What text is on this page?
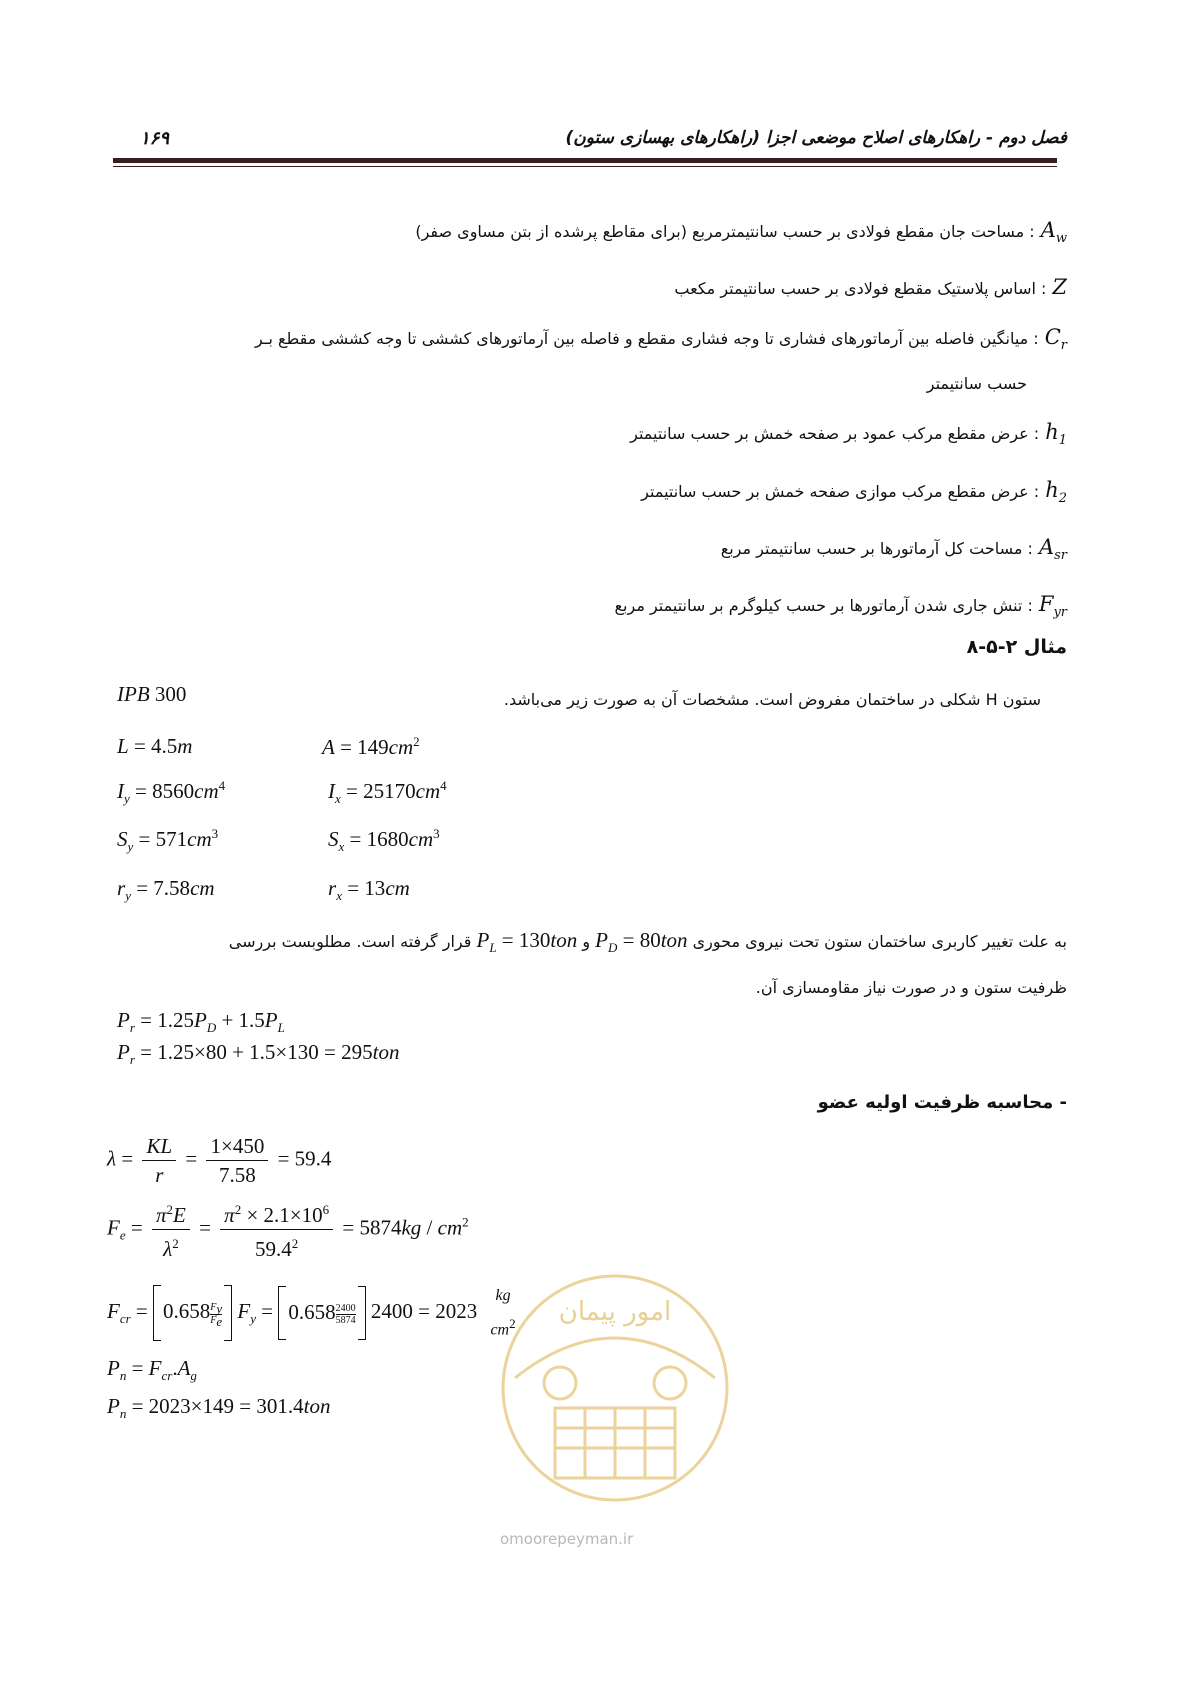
فصل دوم - راهکارهای اصلاح موضعی اجزا (راهکارهای بهسازی ستون)
۱۶۹
$A_w$
: مساحت جان مقطع فولادی بر حسب سانتیمترمربع (برای مقاطع پرشده از بتن مساوی صفر)
Z
: اساس پلاستیک مقطع فولادی بر حسب سانتیمتر مکعب
$C_r$
: میانگین فاصله بین آرماتورهای فشاری تا وجه فشاری مقطع و فاصله بین آرماتورهای کششی تا وجه کششی مقطع بـر
حسب سانتیمتر
$h_1$
: عرض مقطع مرکب عمود بر صفحه خمش بر حسب سانتیمتر
$h_2$
: عرض مقطع مرکب موازی صفحه خمش بر حسب سانتیمتر
$A_{sr}$
: مساحت کل آرماتورها بر حسب سانتیمتر مربع
$F_{yr}$
: تنش جاری شدن آرماتورها بر حسب کیلوگرم بر سانتیمتر مربع
مثال ۲-۵-۸
ستون H شکلی در ساختمان مفروض است. مشخصات آن به صورت زیر می‌باشد.
IPB 300
L = 4.5m	$A = 149cm^2$
$I_y = 8560cm^4$	$I_x = 25170cm^4$
$S_y = 571cm^3$	$S_x = 1680cm^3$
$r_y = 7.58cm$	$r_x = 13cm$
به علت تغییر کاربری ساختمان ستون تحت نیروی محوری $P_D = 80ton$ و $P_L = 130ton$ قرار گرفته است. مطلوبست بررسی
ظرفیت ستون و در صورت نیاز مقاومسازی آن.
$P_r = 1.25P_D + 1.5P_L$
$P_r = 1.25\times 80 + 1.5\times 130 = 295ton$
- محاسبه ظرفیت اولیه عضو
$\lambda = \frac{KL}{r} = \frac{1\times 450}{7.58} = 59.4$
$F_e = \frac{\pi^2E}{\lambda^2} = \frac{\pi^2 \times 2.1\times 10^6}{59.4^2} = 5874kg / cm^2$
$F_{cr} = 0.658$ $^{\frac{F_y}{F_e}}$ $F_y = 0.658$ $^{\frac{2400}{5874}}$ 2400 = 2023
kg
$cm^2$
$P_n = F_{cr}.A_g$
$P_n = 2023\times 149 = 301.4ton$
امور پیمان
omoorepeyman.ir
